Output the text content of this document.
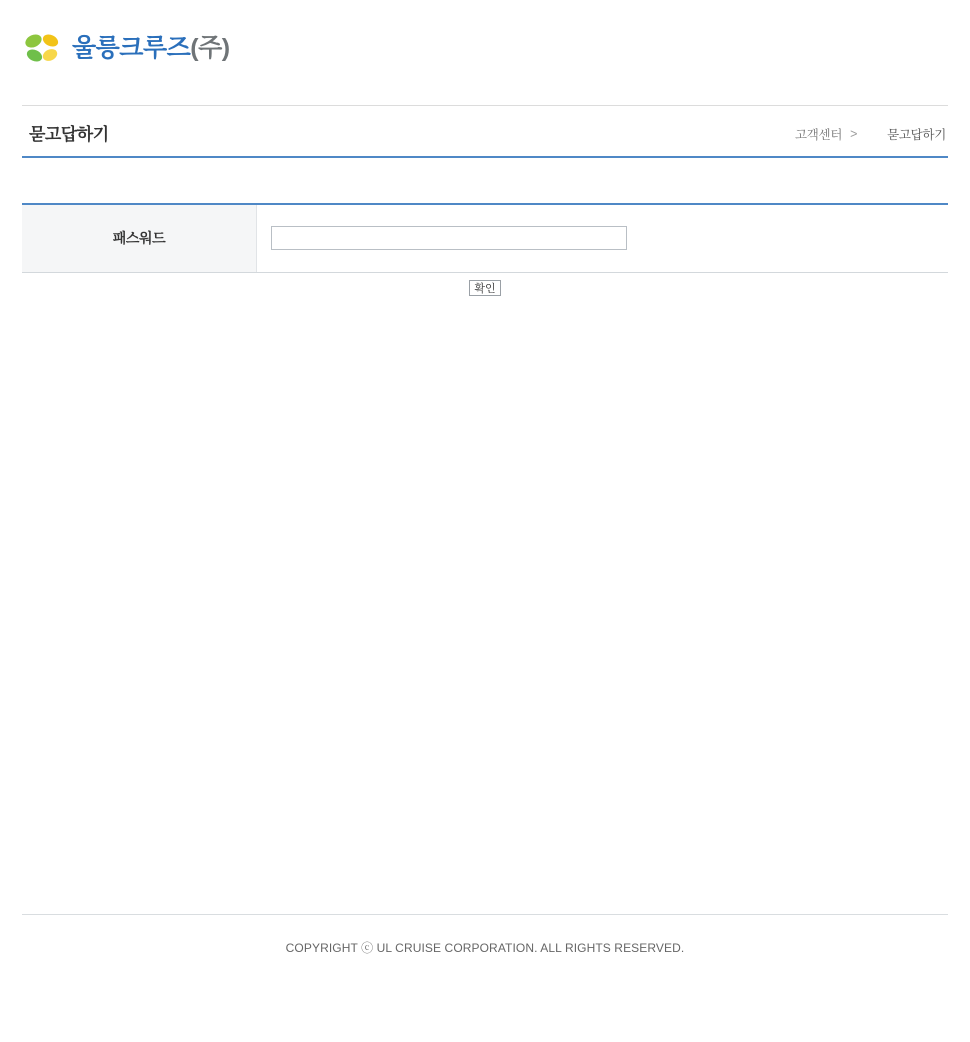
울릉크루즈(주)
묻고답하기	고객센터 > 묻고답하기
패스워드	
확인
COPYRIGHT ⓒ UL CRUISE CORPORATION. ALL RIGHTS RESERVED.
